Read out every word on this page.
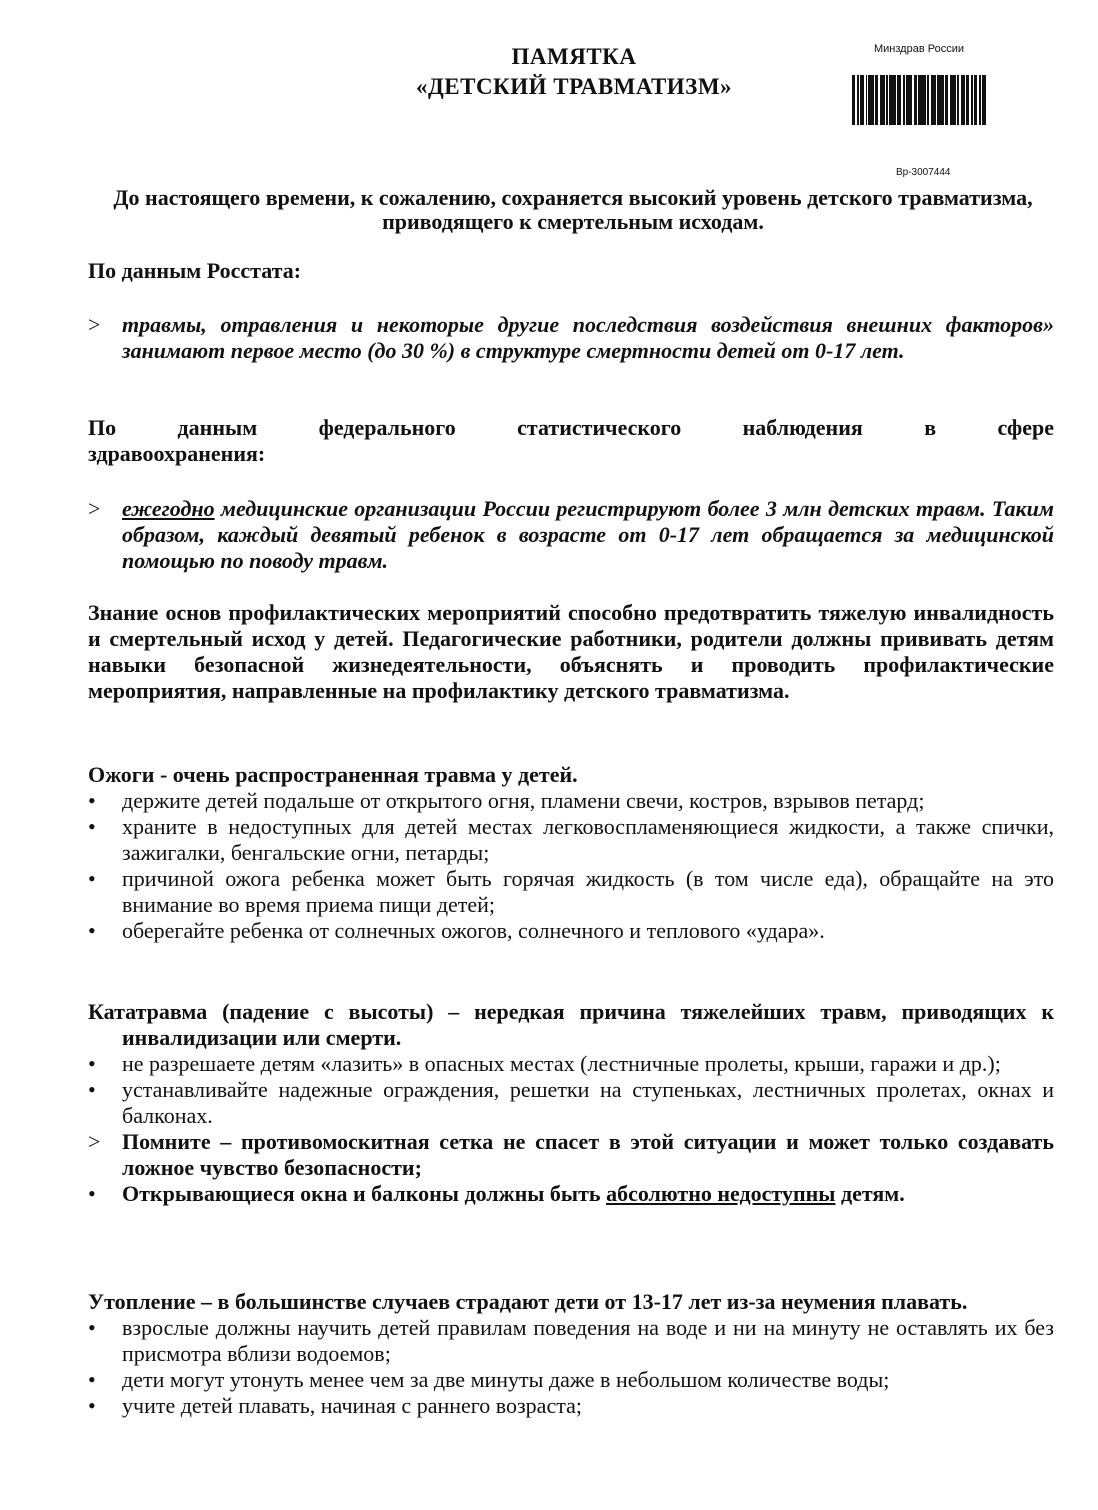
ПАМЯТКА
«ДЕТСКИЙ ТРАВМАТИЗМ»
Минздрав России
Вр-3007444
До настоящего времени, к сожалению, сохраняется высокий уровень детского травматизма, приводящего к смертельным исходам.
По данным Росстата:
> травмы, отравления и некоторые другие последствия воздействия внешних факторов» занимают первое место (до 30 %) в структуре смертности детей от 0-17 лет.
По данным федерального статистического наблюдения в сфере
здравоохранения:
> ежегодно медицинские организации России регистрируют более 3 млн детских травм. Таким образом, каждый девятый ребенок в возрасте от 0-17 лет обращается за медицинской помощью по поводу травм.
Знание основ профилактических мероприятий способно предотвратить тяжелую инвалидность и смертельный исход у детей. Педагогические работники, родители должны прививать детям навыки безопасной жизнедеятельности, объяснять и проводить профилактические мероприятия, направленные на профилактику детского травматизма.
Ожоги - очень распространенная травма у детей.
• держите детей подальше от открытого огня, пламени свечи, костров, взрывов петард;
• храните в недоступных для детей местах легковоспламеняющиеся жидкости, а также спички, зажигалки, бенгальские огни, петарды;
• причиной ожога ребенка может быть горячая жидкость (в том числе еда), обращайте на это внимание во время приема пищи детей;
• оберегайте ребенка от солнечных ожогов, солнечного и теплового «удара».
Кататравма (падение с высоты) – нередкая причина тяжелейших травм, приводящих к инвалидизации или смерти.
• не разрешаете детям «лазить» в опасных местах (лестничные пролеты, крыши, гаражи и др.);
• устанавливайте надежные ограждения, решетки на ступеньках, лестничных пролетах, окнах и балконах.
> Помните – противомоскитная сетка не спасет в этой ситуации и может только создавать ложное чувство безопасности;
• Открывающиеся окна и балконы должны быть абсолютно недоступны детям.
Утопление – в большинстве случаев страдают дети от 13-17 лет из-за неумения плавать.
• взрослые должны научить детей правилам поведения на воде и ни на минуту не оставлять их без присмотра вблизи водоемов;
• дети могут утонуть менее чем за две минуты даже в небольшом количестве воды;
• учите детей плавать, начиная с раннего возраста;
